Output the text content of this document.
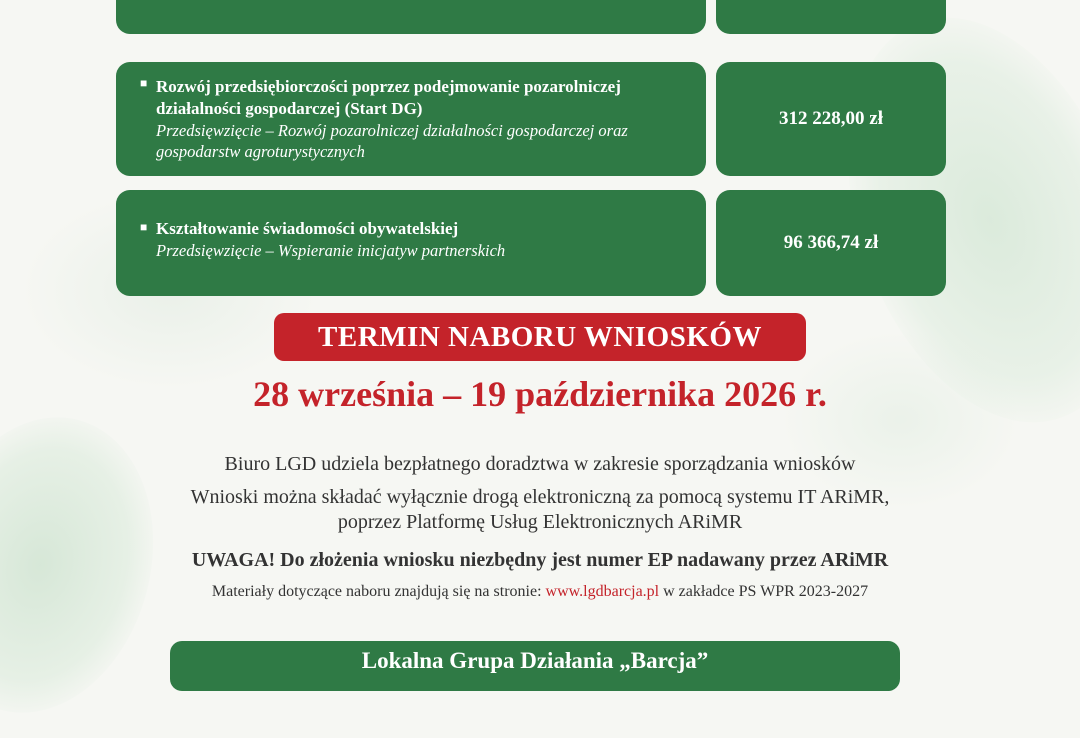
■ Rozwój przedsiębiorczości poprzez podejmowanie pozarolniczej działalności gospodarczej (Start DG)
Przedsięwzięcie – Rozwój pozarolniczej działalności gospodarczej oraz gospodarstw agroturystycznych
312 228,00 zł
■ Kształtowanie świadomości obywatelskiej
Przedsięwzięcie – Wspieranie inicjatyw partnerskich	96 366,74 zł
TERMIN NABORU WNIOSKÓW
28 września – 19 października 2026 r.
Biuro LGD udziela bezpłatnego doradztwa w zakresie sporządzania wniosków
Wnioski można składać wyłącznie drogą elektroniczną za pomocą systemu IT ARiMR,
poprzez Platformę Usług Elektronicznych ARiMR
UWAGA! Do złożenia wniosku niezbędny jest numer EP nadawany przez ARiMR
Materiały dotyczące naboru znajdują się na stronie: www.lgdbarcja.pl w zakładce PS WPR 2023-2027
Lokalna Grupa Działania „Barcja”
